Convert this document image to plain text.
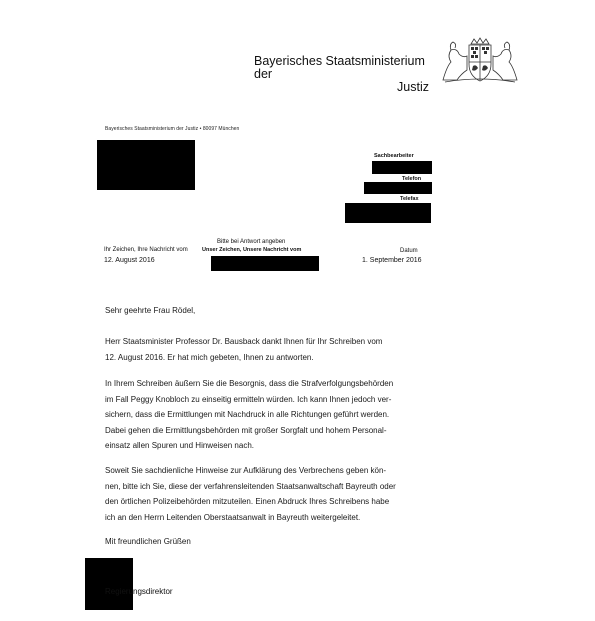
Bayerisches Staatsministerium der
Justiz
Bayerisches Staatsministerium der Justiz • 80097 München
Sachbearbeiter
Telefon
Telefax
Ihr Zeichen, Ihre Nachricht vom
12. August 2016
Bitte bei Antwort angeben
Unser Zeichen, Unsere Nachricht vom	Datum
1. September 2016
Sehr geehrte Frau Rödel,
Herr Staatsminister Professor Dr. Bausback dankt Ihnen für Ihr Schreiben vom
12. August 2016. Er hat mich gebeten, Ihnen zu antworten.
In Ihrem Schreiben äußern Sie die Besorgnis, dass die Strafverfolgungsbehörden
im Fall Peggy Knobloch zu einseitig ermitteln würden. Ich kann Ihnen jedoch ver-
sichern, dass die Ermittlungen mit Nachdruck in alle Richtungen geführt werden.
Dabei gehen die Ermittlungsbehörden mit großer Sorgfalt und hohem Personal-
einsatz allen Spuren und Hinweisen nach.
Soweit Sie sachdienliche Hinweise zur Aufklärung des Verbrechens geben kön-
nen, bitte ich Sie, diese der verfahrensleitenden Staatsanwaltschaft Bayreuth oder
den örtlichen Polizeibehörden mitzuteilen. Einen Abdruck Ihres Schreibens habe
ich an den Herrn Leitenden Oberstaatsanwalt in Bayreuth weitergeleitet.
Mit freundlichen Grüßen
Regierungsdirektor
